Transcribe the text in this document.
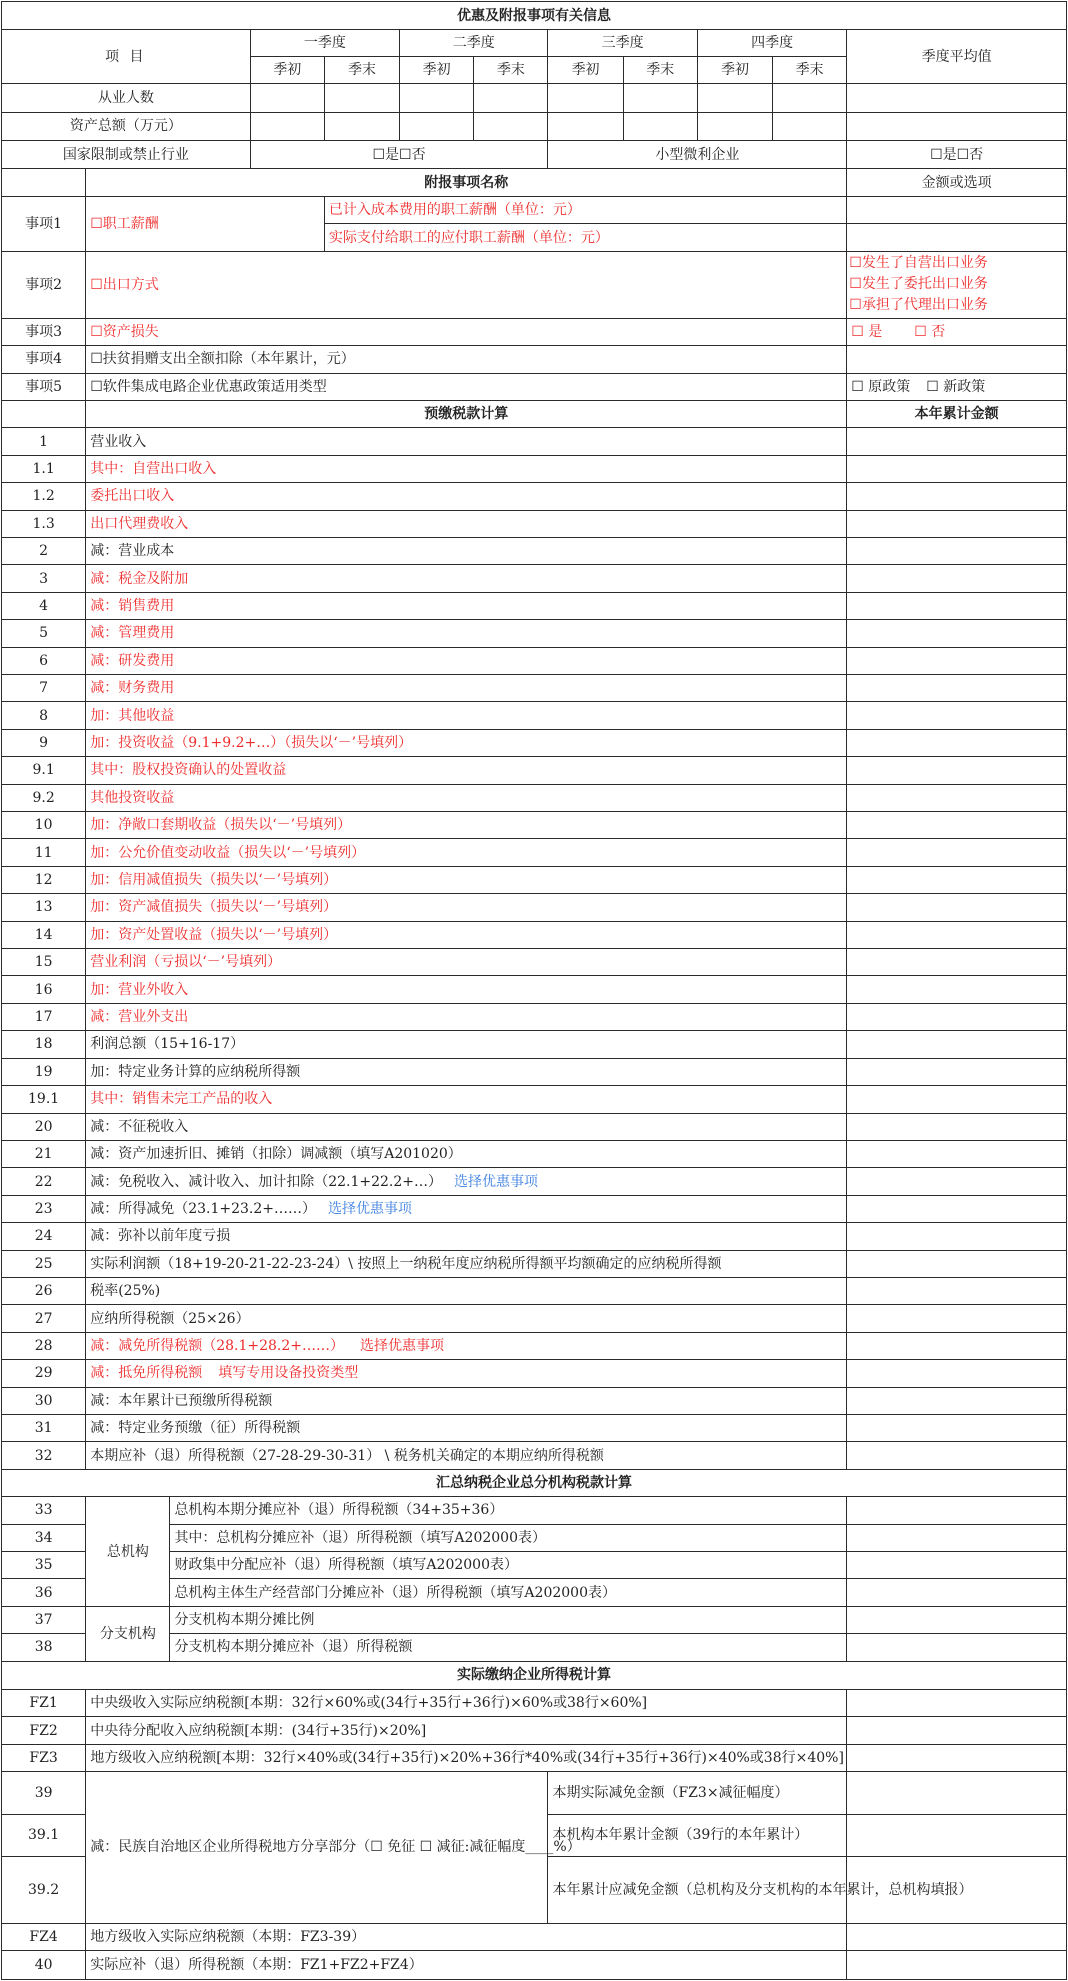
优惠及附报事项有关信息											
项 目			一季度		二季度		三季度		四季度		季度平均值
			季初	季末	季初	季末	季初	季末	季初	季末	
从业人数											
资产总额（万元）											
国家限制或禁止行业			☐是☐否				小型微利企业				☐是☐否
	附报事项名称										金额或选项
事项1	☐职工薪酬			已计入成本费用的职工薪酬（单位：元）							
				实际支付给职工的应付职工薪酬（单位：元）							
事项2	☐出口方式										☐发生了自营出口业务
☐发生了委托出口业务
☐承担了代理出口业务

事项3	☐资产损失										☐ 是 ☐ 否
事项4	☐扶贫捐赠支出全额扣除（本年累计，元）										
事项5	☐软件集成电路企业优惠政策适用类型										☐ 原政策 ☐ 新政策
	预缴税款计算										本年累计金额
1	营业收入										
1.1	其中：自营出口收入										
1.2	委托出口收入										
1.3	出口代理费收入										
2	减：营业成本										
3	减：税金及附加										
4	减：销售费用										
5	减：管理费用										
6	减：研发费用										
7	减：财务费用										
8	加：其他收益										
9	加：投资收益（9.1+9.2+…）（损失以‘－’号填列）										
9.1	其中：股权投资确认的处置收益										
9.2	其他投资收益										
10	加：净敞口套期收益（损失以‘－’号填列）										
11	加：公允价值变动收益（损失以‘－’号填列）										
12	加：信用减值损失（损失以‘－’号填列）										
13	加：资产减值损失（损失以‘－’号填列）										
14	加：资产处置收益（损失以‘－’号填列）										
15	营业利润（亏损以‘－’号填列）										
16	加：营业外收入										
17	减：营业外支出										
18	利润总额（15+16-17）										
19	加：特定业务计算的应纳税所得额										
19.1	其中：销售未完工产品的收入										
20	减：不征税收入										
21	减：资产加速折旧、摊销（扣除）调减额（填写A201020）										
22	减：免税收入、减计收入、加计扣除（22.1+22.2+…） 选择优惠事项										
23	减：所得减免（23.1+23.2+……） 选择优惠事项										
24	减：弥补以前年度亏损										
25	实际利润额（18+19-20-21-22-23-24）\ 按照上一纳税年度应纳税所得额平均额确定的应纳税所得额										
26	税率(25%)										
27	应纳所得税额（25×26）										
28	减：减免所得税额（28.1+28.2+……） 选择优惠事项										
29	减：抵免所得税额 填写专用设备投资类型										
30	减：本年累计已预缴所得税额										
31	减：特定业务预缴（征）所得税额										
32	本期应补（退）所得税额（27-28-29-30-31） \ 税务机关确定的本期应纳所得税额										
汇总纳税企业总分机构税款计算											
33	总机构	总机构本期分摊应补（退）所得税额（34+35+36）									
34		其中：总机构分摊应补（退）所得税额（填写A202000表）									
35		财政集中分配应补（退）所得税额（填写A202000表）									
36		总机构主体生产经营部门分摊应补（退）所得税额（填写A202000表）									
37	分支机构	分支机构本期分摊比例									
38		分支机构本期分摊应补（退）所得税额									
实际缴纳企业所得税计算											
FZ1	中央级收入实际应纳税额[本期：32行×60%或(34行+35行+36行)×60%或38行×60%]										
FZ2	中央待分配收入应纳税额[本期：(34行+35行)×20%]										
FZ3	地方级收入应纳税额[本期：32行×40%或(34行+35行)×20%+36行*40%或(34行+35行+36行)×40%或38行×40%]										
39	减：民族自治地区企业所得税地方分享部分（☐ 免征 ☐ 减征:减征幅度____%）						本期实际减免金额（FZ3×减征幅度）				
39.1							本机构本年累计金额（39行的本年累计）				
39.2							本年累计应减免金额（总机构及分支机构的本年累计，总机构填报）				
FZ4	地方级收入实际应纳税额（本期：FZ3-39）										
40	实际应补（退）所得税额（本期：FZ1+FZ2+FZ4）										
